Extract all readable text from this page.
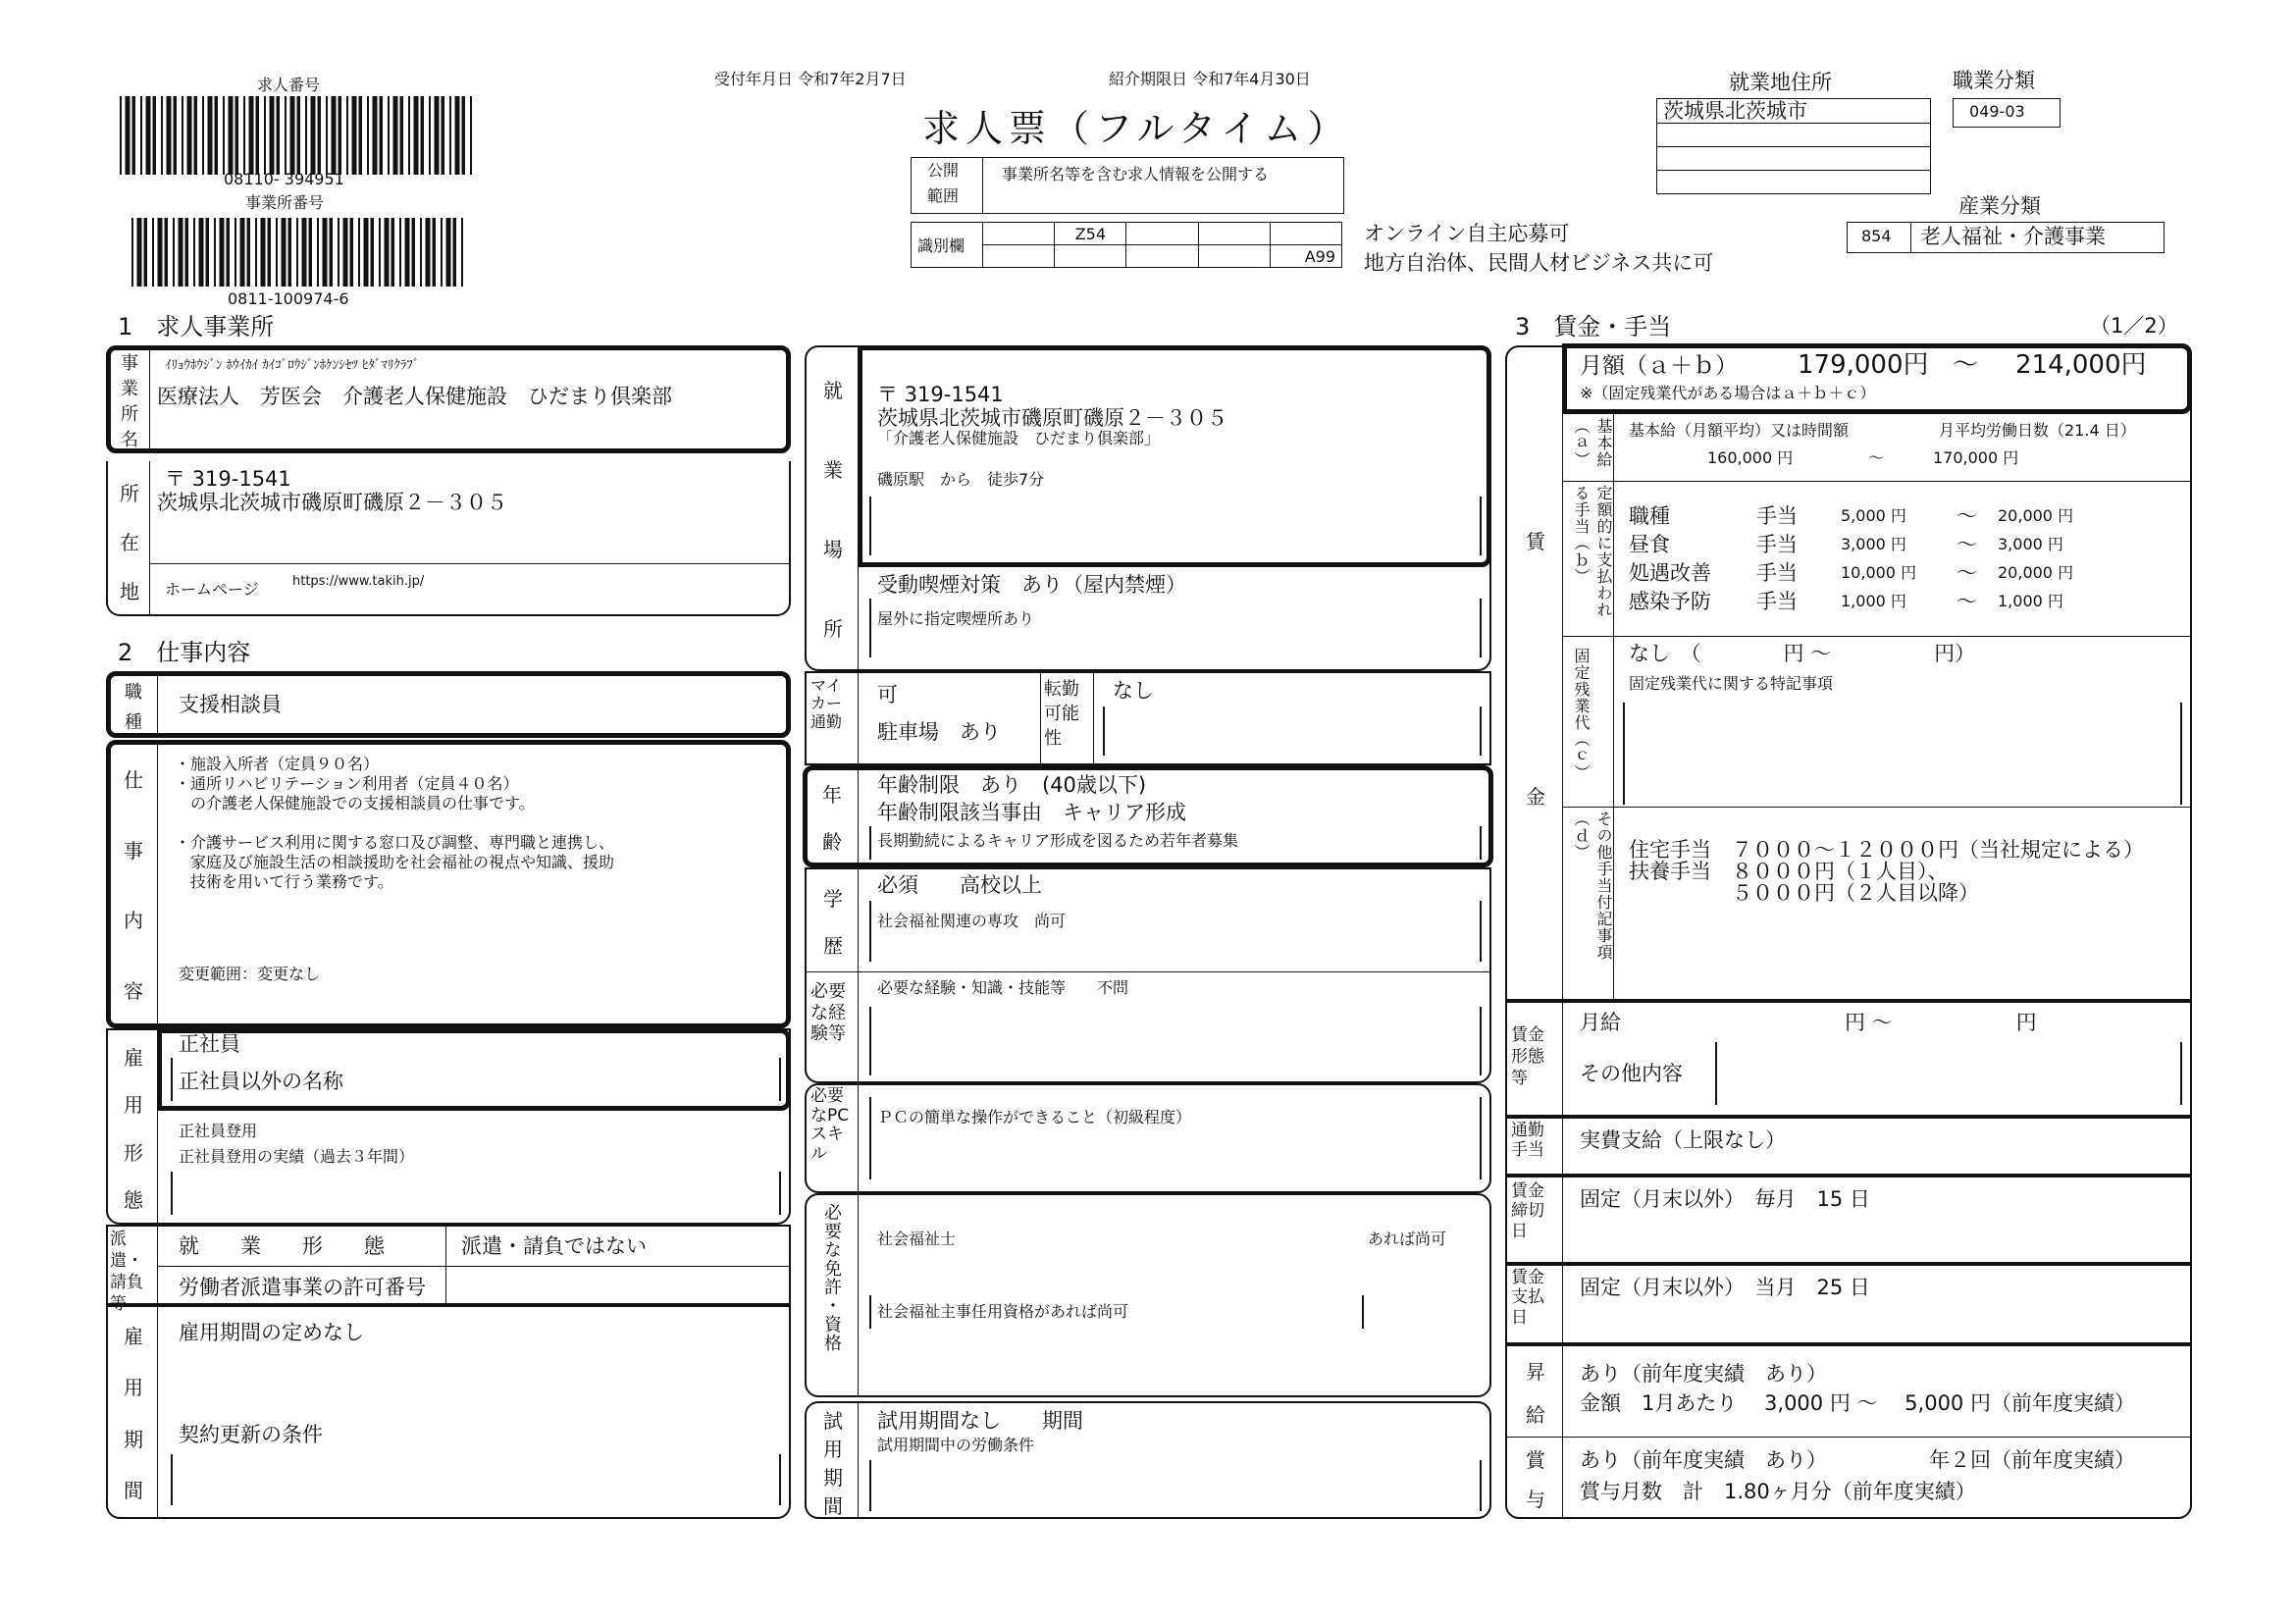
求人番号
08110- 394951
事業所番号
0811-100974-6
受付年月日 令和7年2月7日	紹介期限日 令和7年4月30日
求人票（フルタイム）
公開
範囲
事業所名等を含む求人情報を公開する
識別欄		Z54			
					A99
オンライン自主応募可
地方自治体、民間人材ビジネス共に可
就業地住所
茨城県北茨城市
職業分類
049-03
産業分類
854 老人福祉・介護事業
1　求人事業所
事
業
所
名
ｲﾘｮｳﾎｳｼﾞﾝ ﾎｳｲｶｲ ｶｲｺﾞﾛｳｼﾞﾝﾎｹﾝｼｾﾂ ﾋﾀﾞﾏﾘｸﾗﾌﾞ
医療法人　芳医会　介護老人保健施設　ひだまり倶楽部
所
在
地
〒 319-1541
茨城県北茨城市磯原町磯原２－３０５
ホームページ	https://www.takih.jp/
2　仕事内容
職
種
支援相談員
仕
事
内
容
・施設入所者（定員９０名）
・通所リハビリテーション利用者（定員４０名）
　の介護老人保健施設での支援相談員の仕事です。
・介護サービス利用に関する窓口及び調整、専門職と連携し、
　家庭及び施設生活の相談援助を社会福祉の視点や知識、援助
　技術を用いて行う業務です。
変更範囲：変更なし
雇
用
形
態
正社員
正社員以外の名称
正社員登用
正社員登用の実績（過去３年間）
派遣・請負等
就　　業　　形　　態	派遣・請負ではない
労働者派遣事業の許可番号
雇
用
期
間
雇用期間の定めなし
契約更新の条件
就
業
場
所
〒 319-1541
茨城県北茨城市磯原町磯原２－３０５
「介護老人保健施設　ひだまり倶楽部」
磯原駅　から　徒歩7分
受動喫煙対策　あり（屋内禁煙）
屋外に指定喫煙所あり
マイカー通勤
可
駐車場　あり
転勤可能性
なし
年
齢
年齢制限　あり　(40歳以下)
年齢制限該当事由　キャリア形成
長期勤続によるキャリア形成を図るため若年者募集
学
歴
必須　　高校以上
社会福祉関連の専攻　尚可
必要な経験等
必要な経験・知識・技能等　　不問
必要なPCスキル
ＰＣの簡単な操作ができること（初級程度）
必要な免許・資格 社会福祉士	あれば尚可
社会福祉主事任用資格があれば尚可
試
用
期
間
試用期間なし　　期間
試用期間中の労働条件
3　賃金・手当	（1／2）
賃
金
月額（ａ＋ｂ） 179,000円 ～ 214,000円
※（固定残業代がある場合はａ＋ｂ＋ｃ）
基本給（ａ）	基本給（月額平均）又は時間額	月平均労働日数（21.4 日）
160,000 円	～	170,000 円
定額的に支払われる手当（ｂ）	職種	手当	5,000 円 ～ 20,000 円
昼食	手当	3,000 円 ～ 3,000 円
処遇改善 手当	10,000 円 ～ 20,000 円
感染予防 手当	1,000 円 ～ 1,000 円
固定残業代（ｃ） なし　（　　　　円 ～　　　　　円）
固定残業代に関する特記事項
その他手当付記事項（ｄ）	住宅手当　７０００～１２０００円（当社規定による）
扶養手当　８０００円（１人目）、
　　　　　５０００円（２人目以降）
賃金形態等
月給	円 ～　　　　　　円
その他内容
通勤手当	実費支給（上限なし）
賃金締切日
固定（月末以外）　毎月　15 日
賃金支払日
固定（月末以外）　当月　25 日
昇
給
あり（前年度実績　あり）
金額　1月あたり　 3,000 円 ～　 5,000 円（前年度実績）
賞
与
あり（前年度実績　あり）	年２回（前年度実績）
賞与月数　計　1.80ヶ月分（前年度実績）
